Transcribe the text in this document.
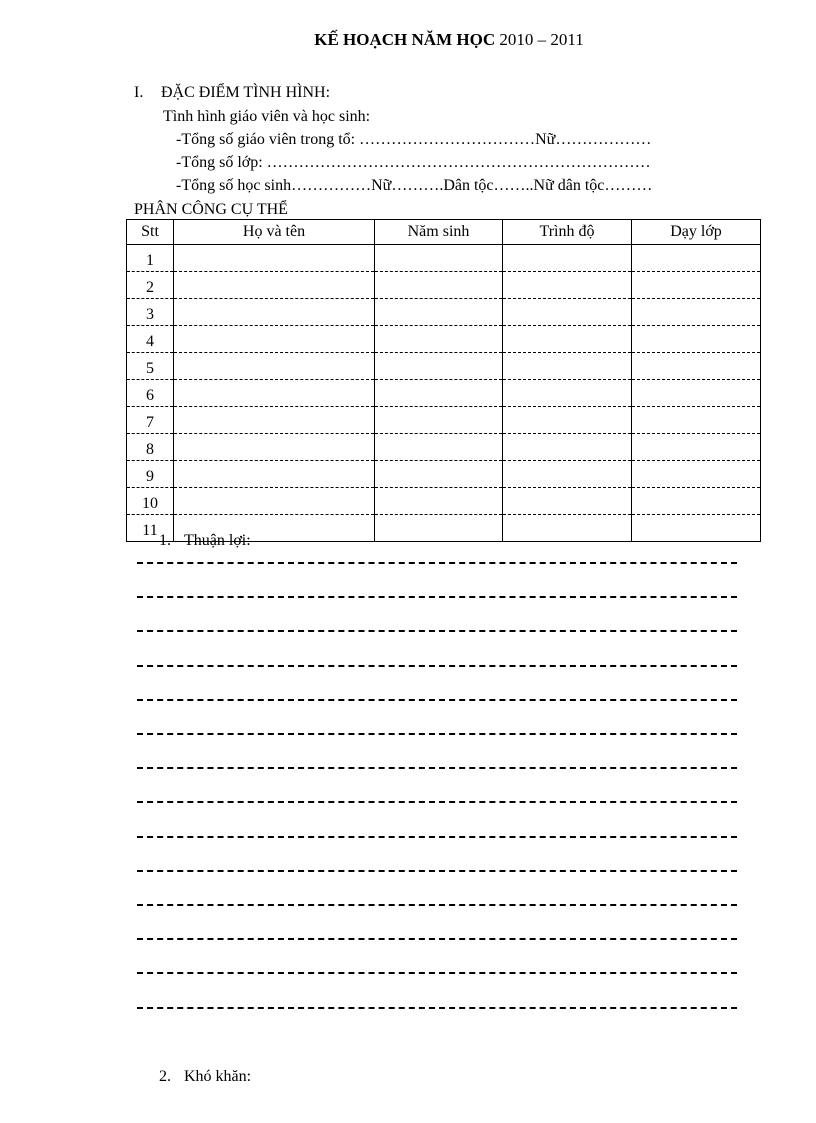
KẾ HOẠCH NĂM HỌC 2010 – 2011
I. ĐẶC ĐIỂM TÌNH HÌNH:
Tình hình giáo viên và học sinh:
-Tổng số giáo viên trong tổ: ……………………………Nữ………………
-Tổng số lớp: ………………………………………………………………
-Tổng số học sinh……………Nữ……….Dân tộc……..Nữ dân tộc………
PHÂN CÔNG CỤ THỂ
Stt	Họ và tên	Năm sinh	Trình độ	Dạy lớp
1				
2				
3				
4				
5				
6				
7				
8				
9				
10				
11				
1. Thuận lợi:
2. Khó khăn:
